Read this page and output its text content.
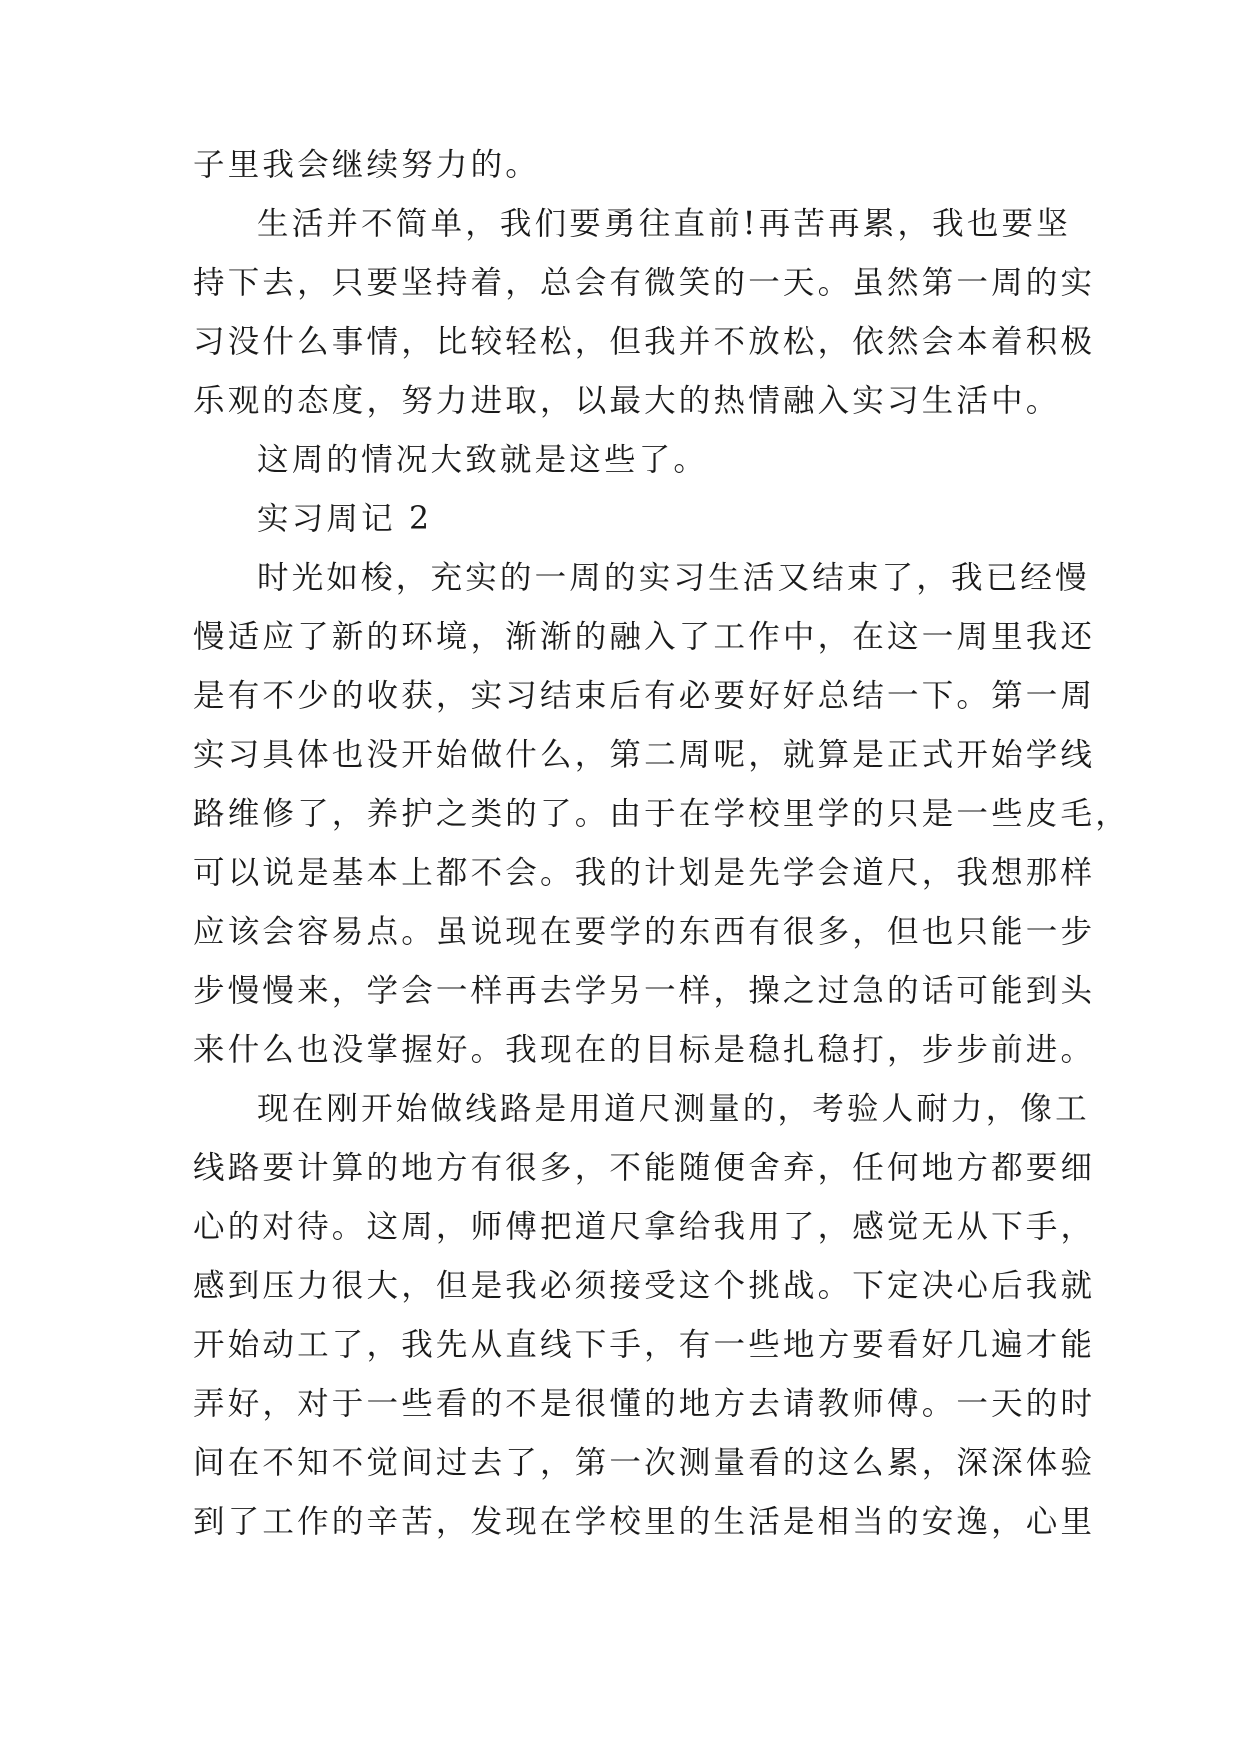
子里我会继续努力的。
生活并不简单，我们要勇往直前!再苦再累，我也要坚
持下去，只要坚持着，总会有微笑的一天。虽然第一周的实
习没什么事情，比较轻松，但我并不放松，依然会本着积极
乐观的态度，努力进取，以最大的热情融入实习生活中。
这周的情况大致就是这些了。
实习周记 2
时光如梭，充实的一周的实习生活又结束了，我已经慢
慢适应了新的环境，渐渐的融入了工作中，在这一周里我还
是有不少的收获，实习结束后有必要好好总结一下。第一周
实习具体也没开始做什么，第二周呢，就算是正式开始学线
路维修了，养护之类的了。由于在学校里学的只是一些皮毛，
可以说是基本上都不会。我的计划是先学会道尺，我想那样
应该会容易点。虽说现在要学的东西有很多，但也只能一步
步慢慢来，学会一样再去学另一样，操之过急的话可能到头
来什么也没掌握好。我现在的目标是稳扎稳打，步步前进。
现在刚开始做线路是用道尺测量的，考验人耐力，像工
线路要计算的地方有很多，不能随便舍弃，任何地方都要细
心的对待。这周，师傅把道尺拿给我用了，感觉无从下手，
感到压力很大，但是我必须接受这个挑战。下定决心后我就
开始动工了，我先从直线下手，有一些地方要看好几遍才能
弄好，对于一些看的不是很懂的地方去请教师傅。一天的时
间在不知不觉间过去了，第一次测量看的这么累，深深体验
到了工作的辛苦，发现在学校里的生活是相当的安逸，心里
